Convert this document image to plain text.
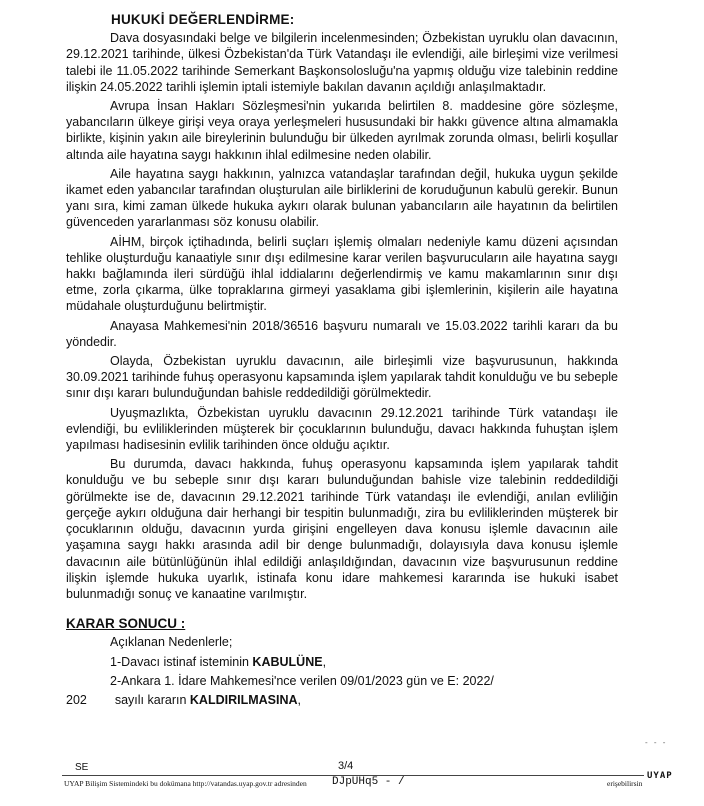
HUKUKİ DEĞERLENDİRME:

Dava dosyasındaki belge ve bilgilerin incelenmesinden; Özbekistan uyruklu olan davacının, 29.12.2021 tarihinde, ülkesi Özbekistan'da Türk Vatandaşı ile evlendiği, aile birleşimi vize verilmesi talebi ile 11.05.2022 tarihinde Semerkant Başkonsolosluğu'na yapmış olduğu vize talebinin reddine ilişkin 24.05.2022 tarihli işlemin iptali istemiyle bakılan davanın açıldığı anlaşılmaktadır.

Avrupa İnsan Hakları Sözleşmesi'nin yukarıda belirtilen 8. maddesine göre sözleşme, yabancıların ülkeye girişi veya oraya yerleşmeleri hususundaki bir hakkı güvence altına almamakla birlikte, kişinin yakın aile bireylerinin bulunduğu bir ülkeden ayrılmak zorunda olması, belirli koşullar altında aile hayatına saygı hakkının ihlal edilmesine neden olabilir.

Aile hayatına saygı hakkının, yalnızca vatandaşlar tarafından değil, hukuka uygun şekilde ikamet eden yabancılar tarafından oluşturulan aile birliklerini de koruduğunun kabulü gerekir. Bunun yanı sıra, kimi zaman ülkede hukuka aykırı olarak bulunan yabancıların aile hayatının da belirtilen güvenceden yararlanması söz konusu olabilir.

AİHM, birçok içtihadında, belirli suçları işlemiş olmaları nedeniyle kamu düzeni açısından tehlike oluşturduğu kanaatiyle sınır dışı edilmesine karar verilen başvurucuların aile hayatına saygı hakkı bağlamında ileri sürdüğü ihlal iddialarını değerlendirmiş ve kamu makamlarının sınır dışı etme, zorla çıkarma, ülke topraklarına girmeyi yasaklama gibi işlemlerinin, kişilerin aile hayatına müdahale oluşturduğunu belirtmiştir.

Anayasa Mahkemesi'nin 2018/36516 başvuru numaralı ve 15.03.2022 tarihli kararı da bu yöndedir.

Olayda, Özbekistan uyruklu davacının, aile birleşimli vize başvurusunun, hakkında 30.09.2021 tarihinde fuhuş operasyonu kapsamında işlem yapılarak tahdit konulduğu ve bu sebeple sınır dışı kararı bulunduğundan bahisle reddedildiği görülmektedir.

Uyuşmazlıkta, Özbekistan uyruklu davacının 29.12.2021 tarihinde Türk vatandaşı ile evlendiği, bu evliliklerinden müşterek bir çocuklarının bulunduğu, davacı hakkında fuhuştan işlem yapılması hadisesinin evlilik tarihinden önce olduğu açıktır.

Bu durumda, davacı hakkında, fuhuş operasyonu kapsamında işlem yapılarak tahdit konulduğu ve bu sebeple sınır dışı kararı bulunduğundan bahisle vize talebinin reddedildiği görülmekte ise de, davacının 29.12.2021 tarihinde Türk vatandaşı ile evlendiği, anılan evliliğin gerçeğe aykırı olduğuna dair herhangi bir tespitin bulunmadığı, zira bu evliliklerinden müşterek bir çocuklarının olduğu, davacının yurda girişini engelleyen dava konusu işlemle davacının aile yaşamına saygı hakkı arasında adil bir denge bulunmadığı, dolayısıyla dava konusu işlemle davacının aile bütünlüğünün ihlal edildiği anlaşıldığından, davacının vize başvurusunun reddine ilişkin işlemde hukuka uyarlık, istinafa konu idare mahkemesi kararında ise hukuki isabet bulunmadığı sonuç ve kanaatine varılmıştır.

KARAR SONUCU :
Açıklanan Nedenlerle;
1-Davacı istinaf isteminin KABULÜNE,
2-Ankara 1. İdare Mahkemesi'nce verilen 09/01/2023 gün ve E: 2022/
202 sayılı kararın KALDIRILMASINA,
- - -
SE	3/4
UYAP Bilişim Sistemindeki bu dokümana http://vatandas.uyap.gov.tr adresinden DJpUHq5 - /	erişebilirsin
UYAP
